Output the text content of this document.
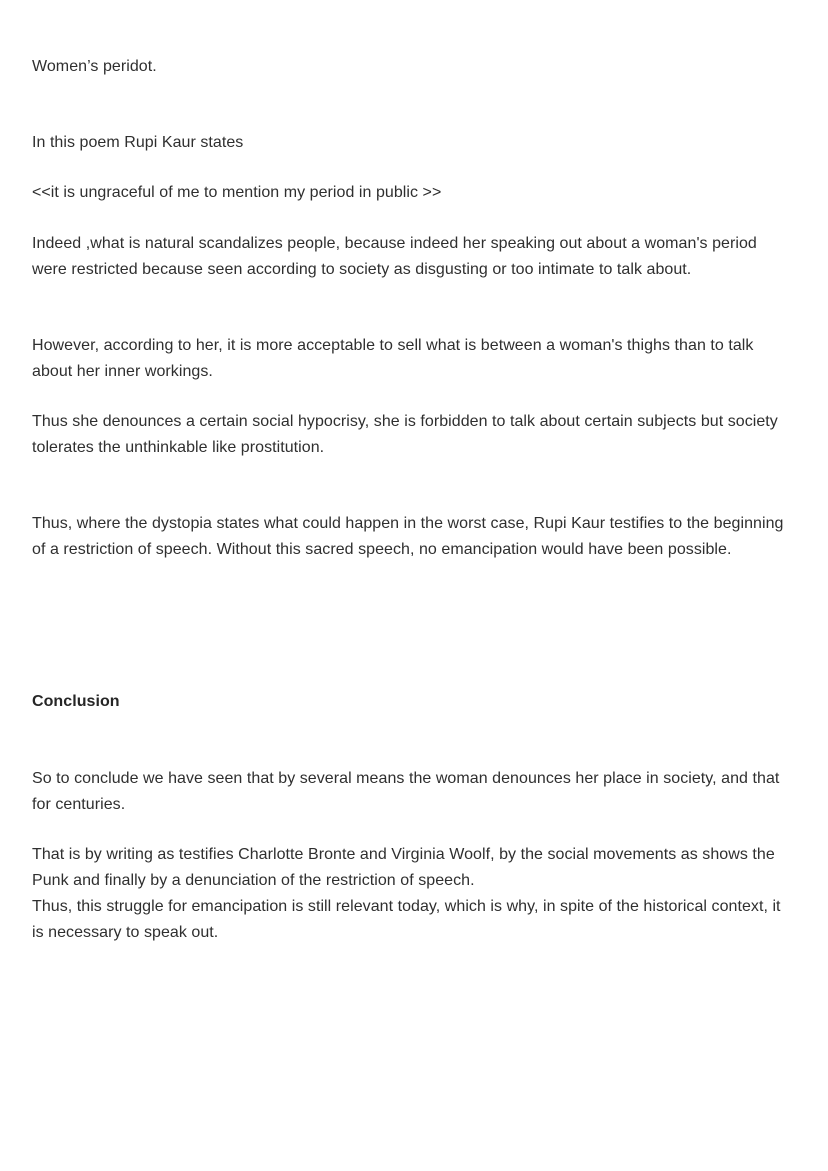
Women’s peridot.

In this poem Rupi Kaur states

<<it is ungraceful of me to mention my period in public >>

Indeed ,what is natural scandalizes people, because indeed her speaking out about a woman's period were restricted because seen according to society as disgusting or too intimate to talk about.

However, according to her, it is more acceptable to sell what is between a woman's thighs than to talk about her inner workings.

Thus she denounces a certain social hypocrisy, she is forbidden to talk about certain subjects but society tolerates the unthinkable like prostitution.

Thus, where the dystopia states what could happen in the worst case, Rupi Kaur testifies to the beginning of a restriction of speech. Without this sacred speech, no emancipation would have been possible.

Conclusion

So to conclude we have seen that by several means the woman denounces her place in society, and that for centuries.

That is by writing as testifies Charlotte Bronte and Virginia Woolf, by the social movements as shows the Punk and finally by a denunciation of the restriction of speech.

Thus, this struggle for emancipation is still relevant today, which is why, in spite of the historical context, it is necessary to speak out.
